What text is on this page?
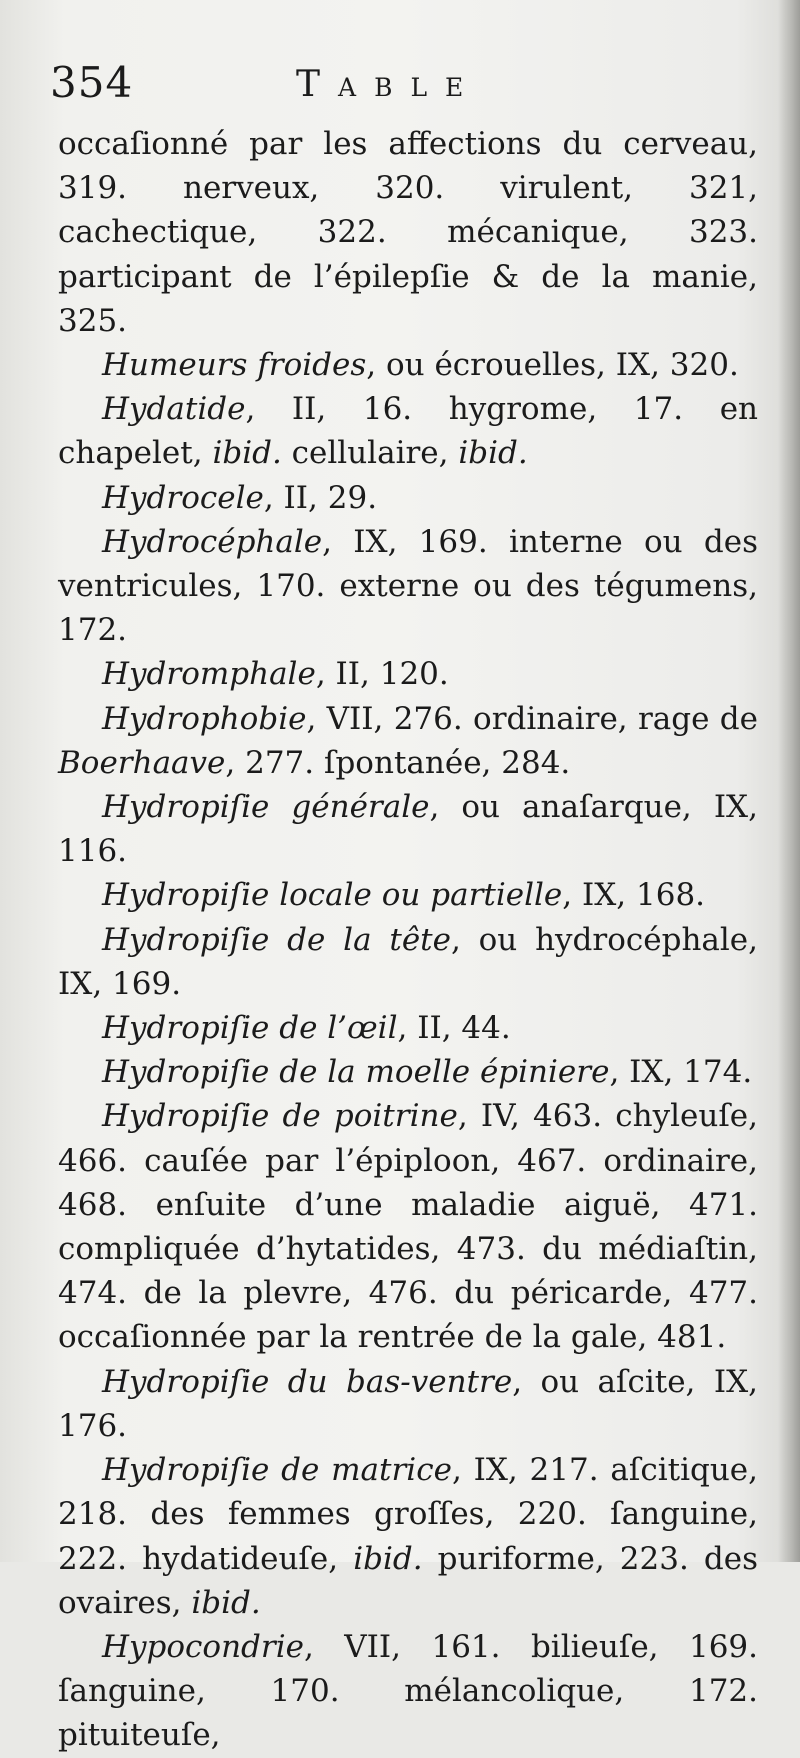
354	Table
occaſionné par les affections du cerveau, 319. nerveux, 320. virulent, 321, cachectique, 322. mécanique, 323. participant de l’épilepſie & de la manie, 325.
Humeurs froides, ou écrouelles, IX, 320.
Hydatide, II, 16. hygrome, 17. en chapelet, ibid. cellulaire, ibid.
Hydrocele, II, 29.
Hydrocéphale, IX, 169. interne ou des ventricules, 170. externe ou des tégumens, 172.
Hydromphale, II, 120.
Hydrophobie, VII, 276. ordinaire, rage de Boerhaave, 277. ſpontanée, 284.
Hydropiſie générale, ou anaſarque, IX, 116.
Hydropiſie locale ou partielle, IX, 168.
Hydropiſie de la tête, ou hydrocéphale, IX, 169.
Hydropiſie de l’œil, II, 44.
Hydropiſie de la moelle épiniere, IX, 174.
Hydropiſie de poitrine, IV, 463. chyleuſe, 466. cauſée par l’épiploon, 467. ordinaire, 468. enſuite d’une maladie aiguë, 471. compliquée d’hytatides, 473. du médiaſtin, 474. de la plevre, 476. du péricarde, 477. occaſionnée par la rentrée de la gale, 481.
Hydropiſie du bas-ventre, ou aſcite, IX, 176.
Hydropiſie de matrice, IX, 217. aſcitique, 218. des femmes groſſes, 220. ſanguine, 222. hydatideuſe, ibid. puriforme, 223. des ovaires, ibid.
Hypocondrie, VII, 161. bilieuſe, 169. ſanguine, 170. mélancolique, 172. pituiteuſe,
